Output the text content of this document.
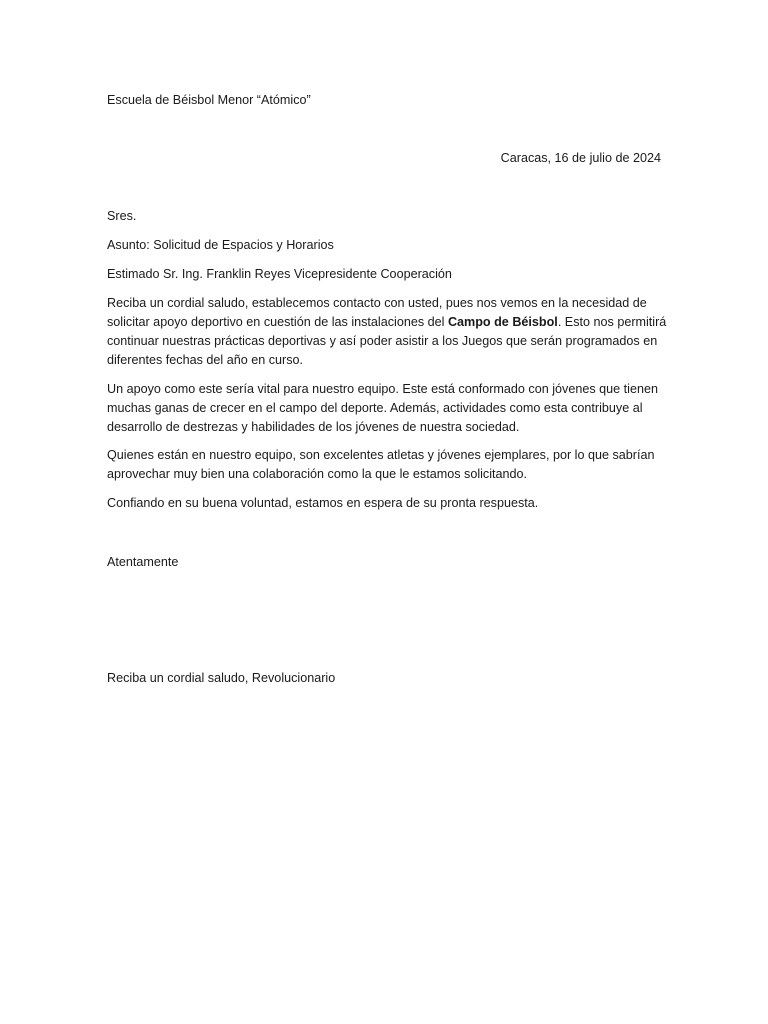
Escuela de Béisbol Menor “Atómico”
Caracas, 16 de julio de 2024
Sres.
Asunto: Solicitud de Espacios y Horarios
Estimado Sr. Ing. Franklin Reyes Vicepresidente Cooperación
Reciba un cordial saludo, establecemos contacto con usted, pues nos vemos en la necesidad de
solicitar apoyo deportivo en cuestión de las instalaciones del Campo de Béisbol. Esto nos permitirá
continuar nuestras prácticas deportivas y así poder asistir a los Juegos que serán programados en
diferentes fechas del año en curso.
Un apoyo como este sería vital para nuestro equipo. Este está conformado con jóvenes que tienen
muchas ganas de crecer en el campo del deporte. Además, actividades como esta contribuye al
desarrollo de destrezas y habilidades de los jóvenes de nuestra sociedad.
Quienes están en nuestro equipo, son excelentes atletas y jóvenes ejemplares, por lo que sabrían
aprovechar muy bien una colaboración como la que le estamos solicitando.
Confiando en su buena voluntad, estamos en espera de su pronta respuesta.
Atentamente
Reciba un cordial saludo, Revolucionario
